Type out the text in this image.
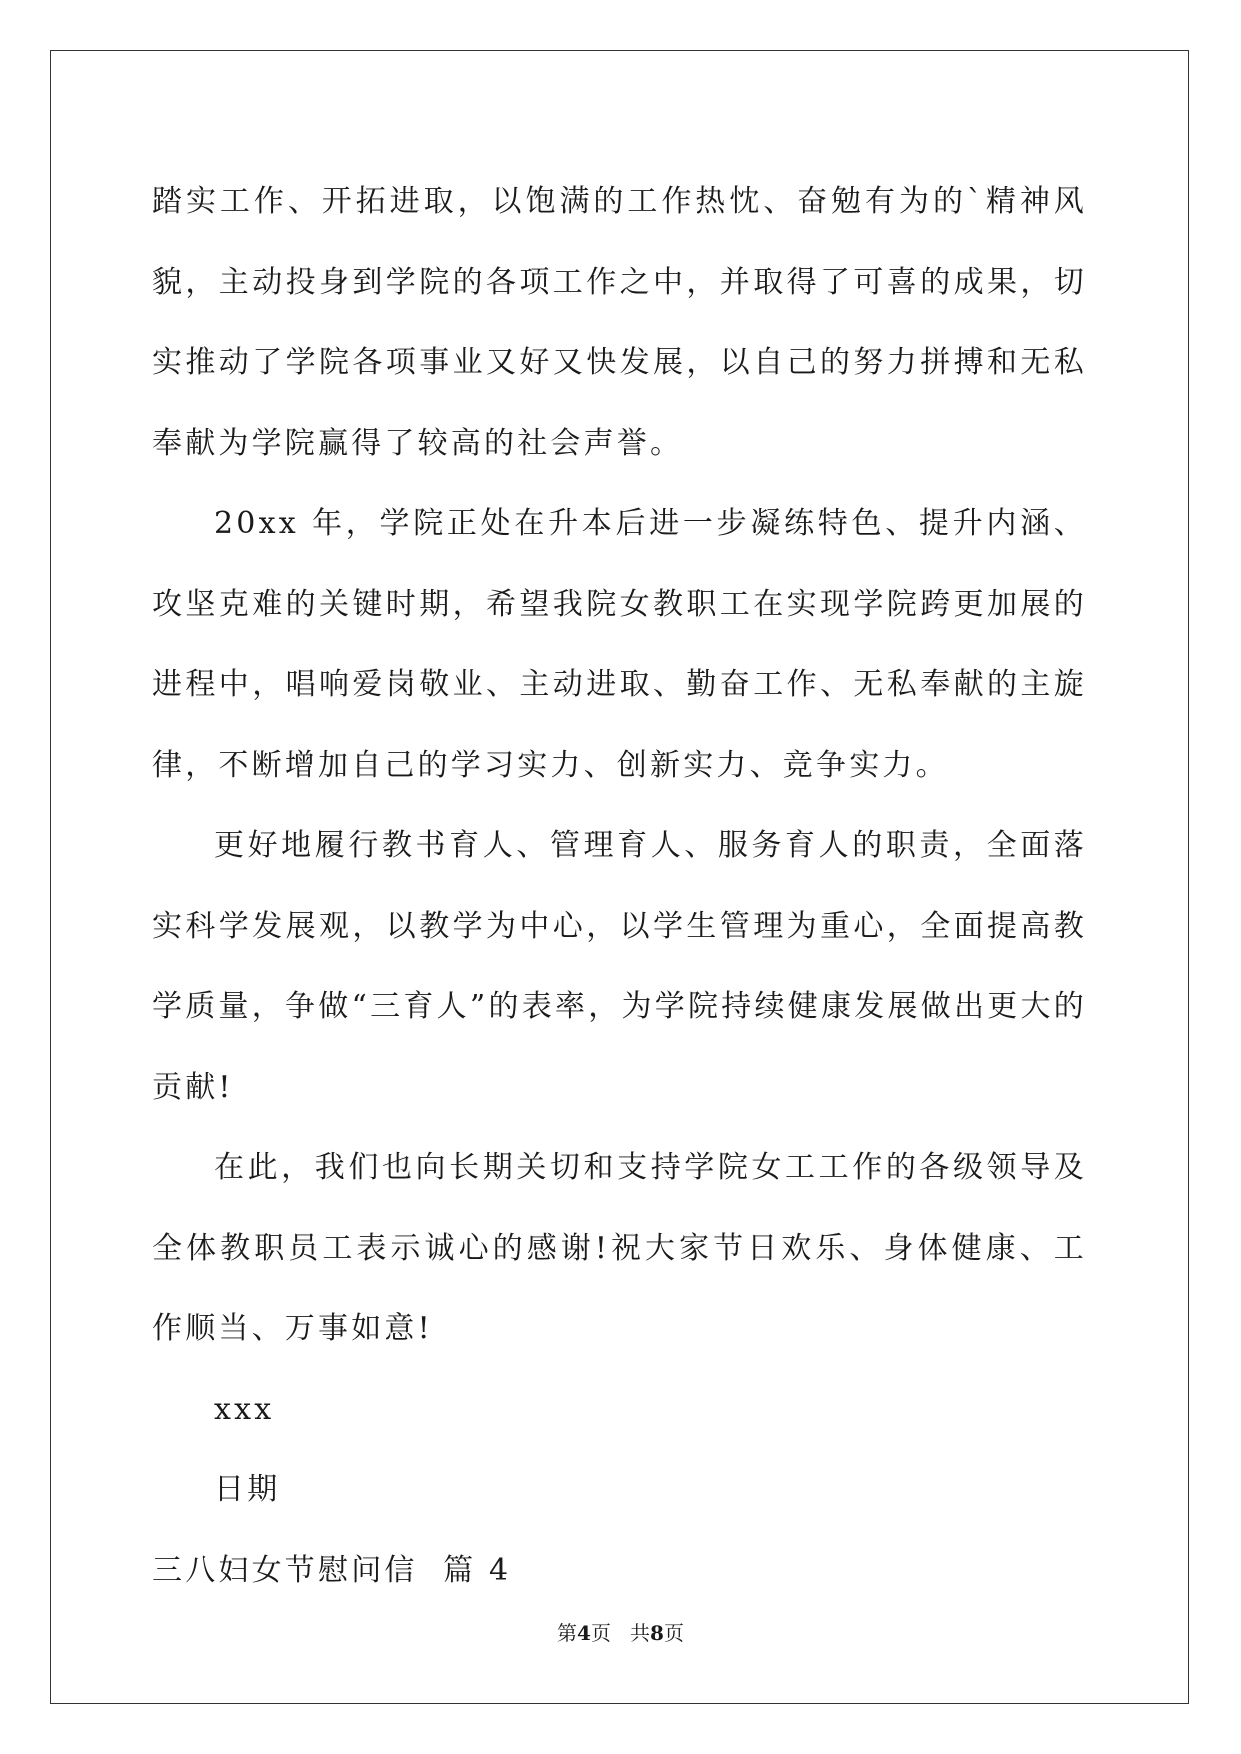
踏实工作、开拓进取，以饱满的工作热忱、奋勉有为的`精神风貌，主动投身到学院的各项工作之中，并取得了可喜的成果，切实推动了学院各项事业又好又快发展，以自己的努力拼搏和无私奉献为学院赢得了较高的社会声誉。

20xx 年，学院正处在升本后进一步凝练特色、提升内涵、攻坚克难的关键时期，希望我院女教职工在实现学院跨更加展的进程中，唱响爱岗敬业、主动进取、勤奋工作、无私奉献的主旋律，不断增加自己的学习实力、创新实力、竞争实力。

更好地履行教书育人、管理育人、服务育人的职责，全面落实科学发展观，以教学为中心，以学生管理为重心，全面提高教学质量，争做“三育人”的表率，为学院持续健康发展做出更大的贡献!

在此，我们也向长期关切和支持学院女工工作的各级领导及全体教职员工表示诚心的感谢!祝大家节日欢乐、身体健康、工作顺当、万事如意!

xxx

日期

三八妇女节慰问信  篇 4

第4页 共8页
